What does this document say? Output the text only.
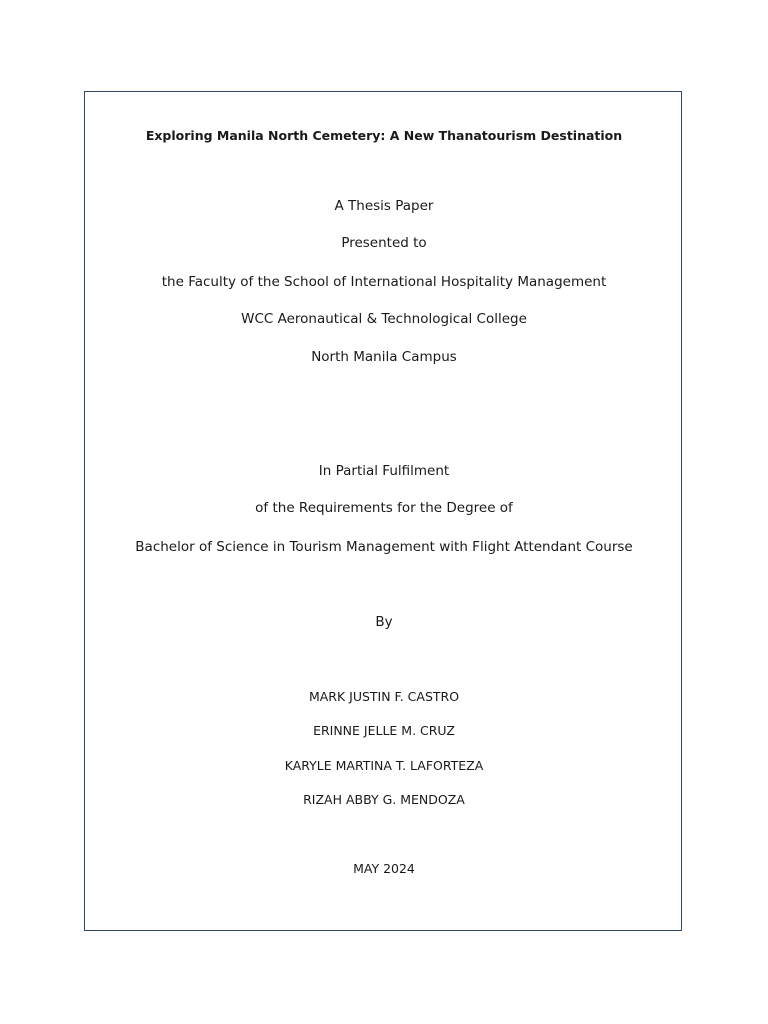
Exploring Manila North Cemetery: A New Thanatourism Destination
A Thesis Paper
Presented to
the Faculty of the School of International Hospitality Management
WCC Aeronautical & Technological College
North Manila Campus
In Partial Fulfilment
of the Requirements for the Degree of
Bachelor of Science in Tourism Management with Flight Attendant Course
By
MARK JUSTIN F. CASTRO
ERINNE JELLE M. CRUZ
KARYLE MARTINA T. LAFORTEZA
RIZAH ABBY G. MENDOZA
MAY 2024
